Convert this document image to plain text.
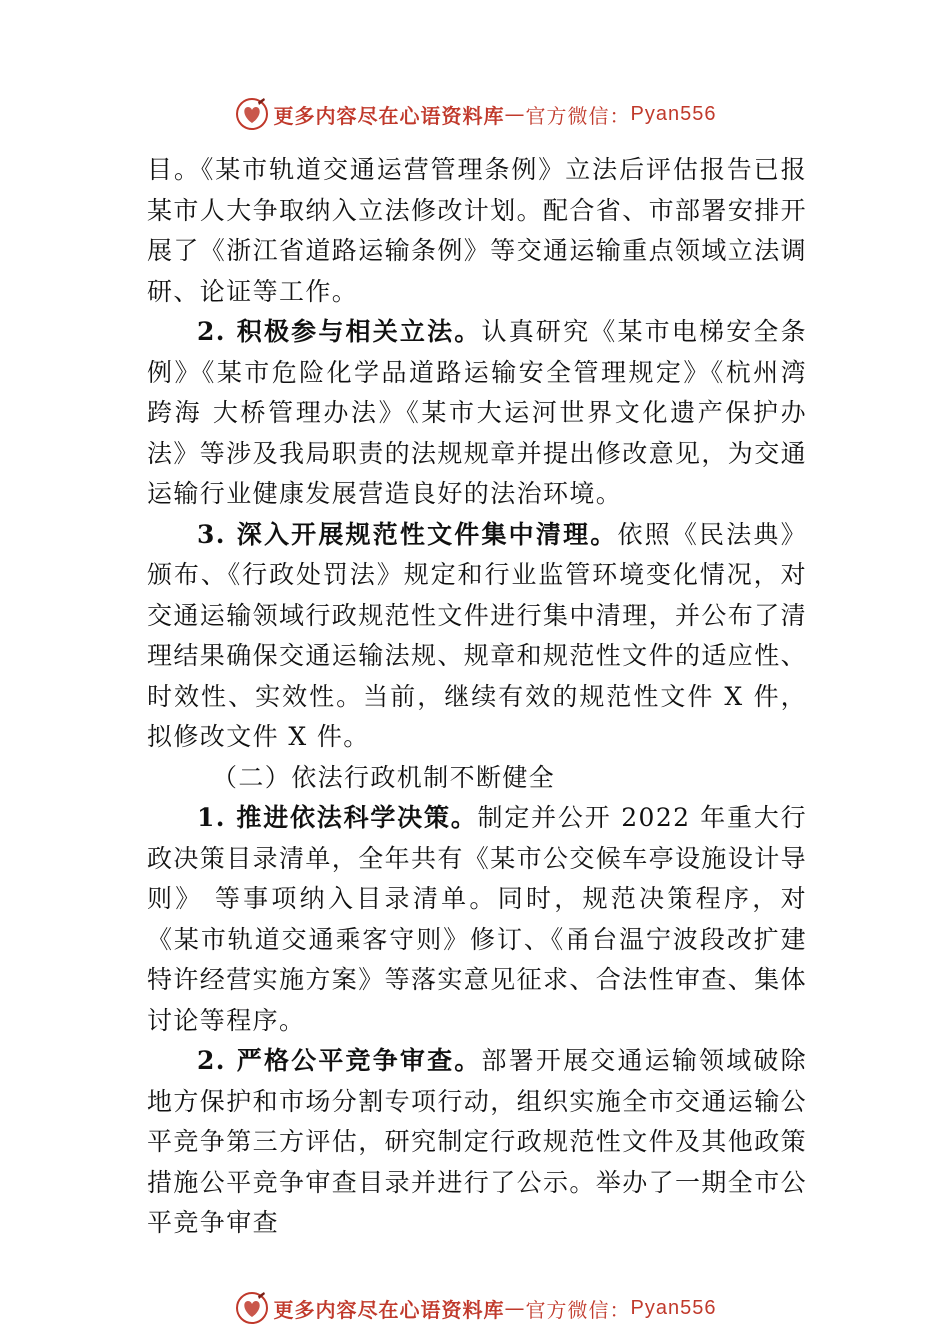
更多内容尽在心语资料库 — 官方微信： Pyan556

目。《某市轨道交通运营管理条例》立法后评估报告已报某市人大争取纳入立法修改计划。配合省、市部署安排开展了《浙江省道路运输条例》等交通运输重点领域立法调研、论证等工作。

2. 积极参与相关立法。认真研究《某市电梯安全条例》《某市危险化学品道路运输安全管理规定》《杭州湾跨海 大桥管理办法》《某市大运河世界文化遗产保护办法》等涉及我局职责的法规规章并提出修改意见，为交通运输行业健康发展营造良好的法治环境。

3. 深入开展规范性文件集中清理。依照《民法典》颁布、《行政处罚法》规定和行业监管环境变化情况，对交通运输领域行政规范性文件进行集中清理，并公布了清理结果确保交通运输法规、规章和规范性文件的适应性、时效性、实效性。当前，继续有效的规范性文件 X 件，拟修改文件 X 件。

（二）依法行政机制不断健全

1. 推进依法科学决策。制定并公开 2022 年重大行政决策目录清单，全年共有《某市公交候车亭设施设计导则》 等事项纳入目录清单。同时，规范决策程序，对《某市轨道交通乘客守则》修订、《甬台温宁波段改扩建特许经营实施方案》等落实意见征求、合法性审查、集体讨论等程序。

2. 严格公平竞争审查。部署开展交通运输领域破除地方保护和市场分割专项行动，组织实施全市交通运输公平竞争第三方评估，研究制定行政规范性文件及其他政策措施公平竞争审查目录并进行了公示。举办了一期全市公平竞争审查

更多内容尽在心语资料库 — 官方微信： Pyan556
